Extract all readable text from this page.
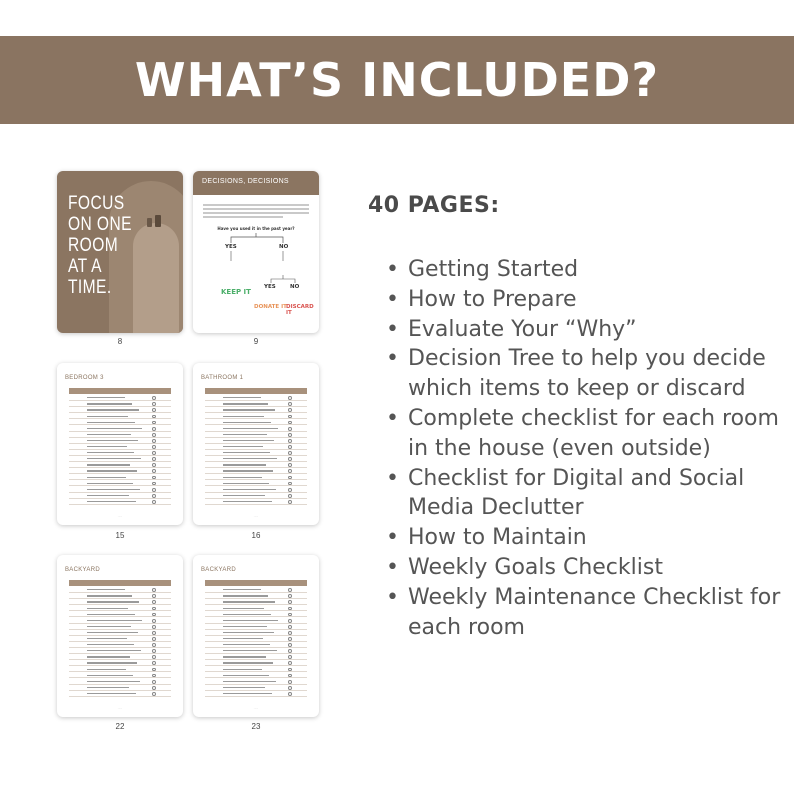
WHAT’S INCLUDED?
FOCUS
ON ONE
ROOM
AT A TIME.
8
DECISIONS, DECISIONS
Have you used it in the past year?
YES	NO
YES	NO
KEEP IT
DONATE IT DISCARD IT
9
BEDROOM 3
·····
15
BATHROOM 1
·····
16
BACKYARD
·····
22
BACKYARD
·····
23
40 PAGES:
• Getting Started
• How to Prepare
• Evaluate Your “Why”
• Decision Tree to help you decide which items to keep or discard
• Complete checklist for each room in the house (even outside)
• Checklist for Digital and Social Media Declutter
• How to Maintain
• Weekly Goals Checklist
• Weekly Maintenance Checklist for each room
